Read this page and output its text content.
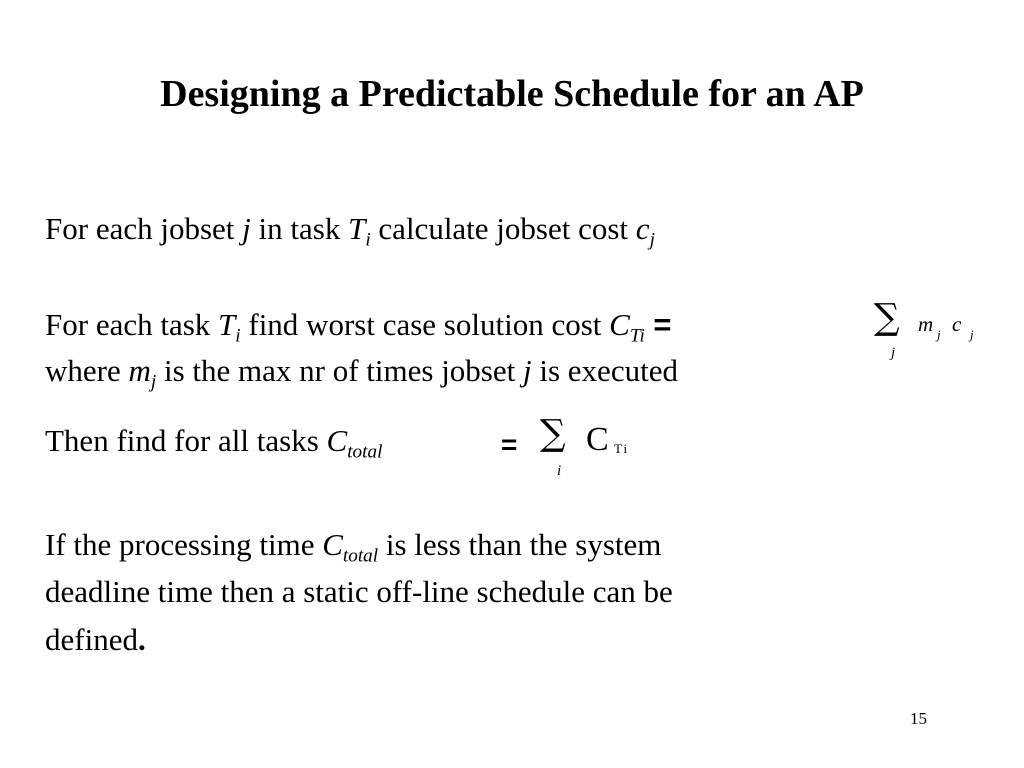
Designing a Predictable Schedule for an AP
For each jobset j in task $T_i$ calculate jobset cost $c_j$
For each task $T_i$ find worst case solution cost $C_{Ti}$ =	∑
j
m j c j
where $m_j$ is the max nr of times jobset j is executed
Then find for all tasks $C_{total}$	= ∑
i
C Ti
If the processing time $C_{total}$ is less than the system
deadline time then a static off-line schedule can be
defined.
15
